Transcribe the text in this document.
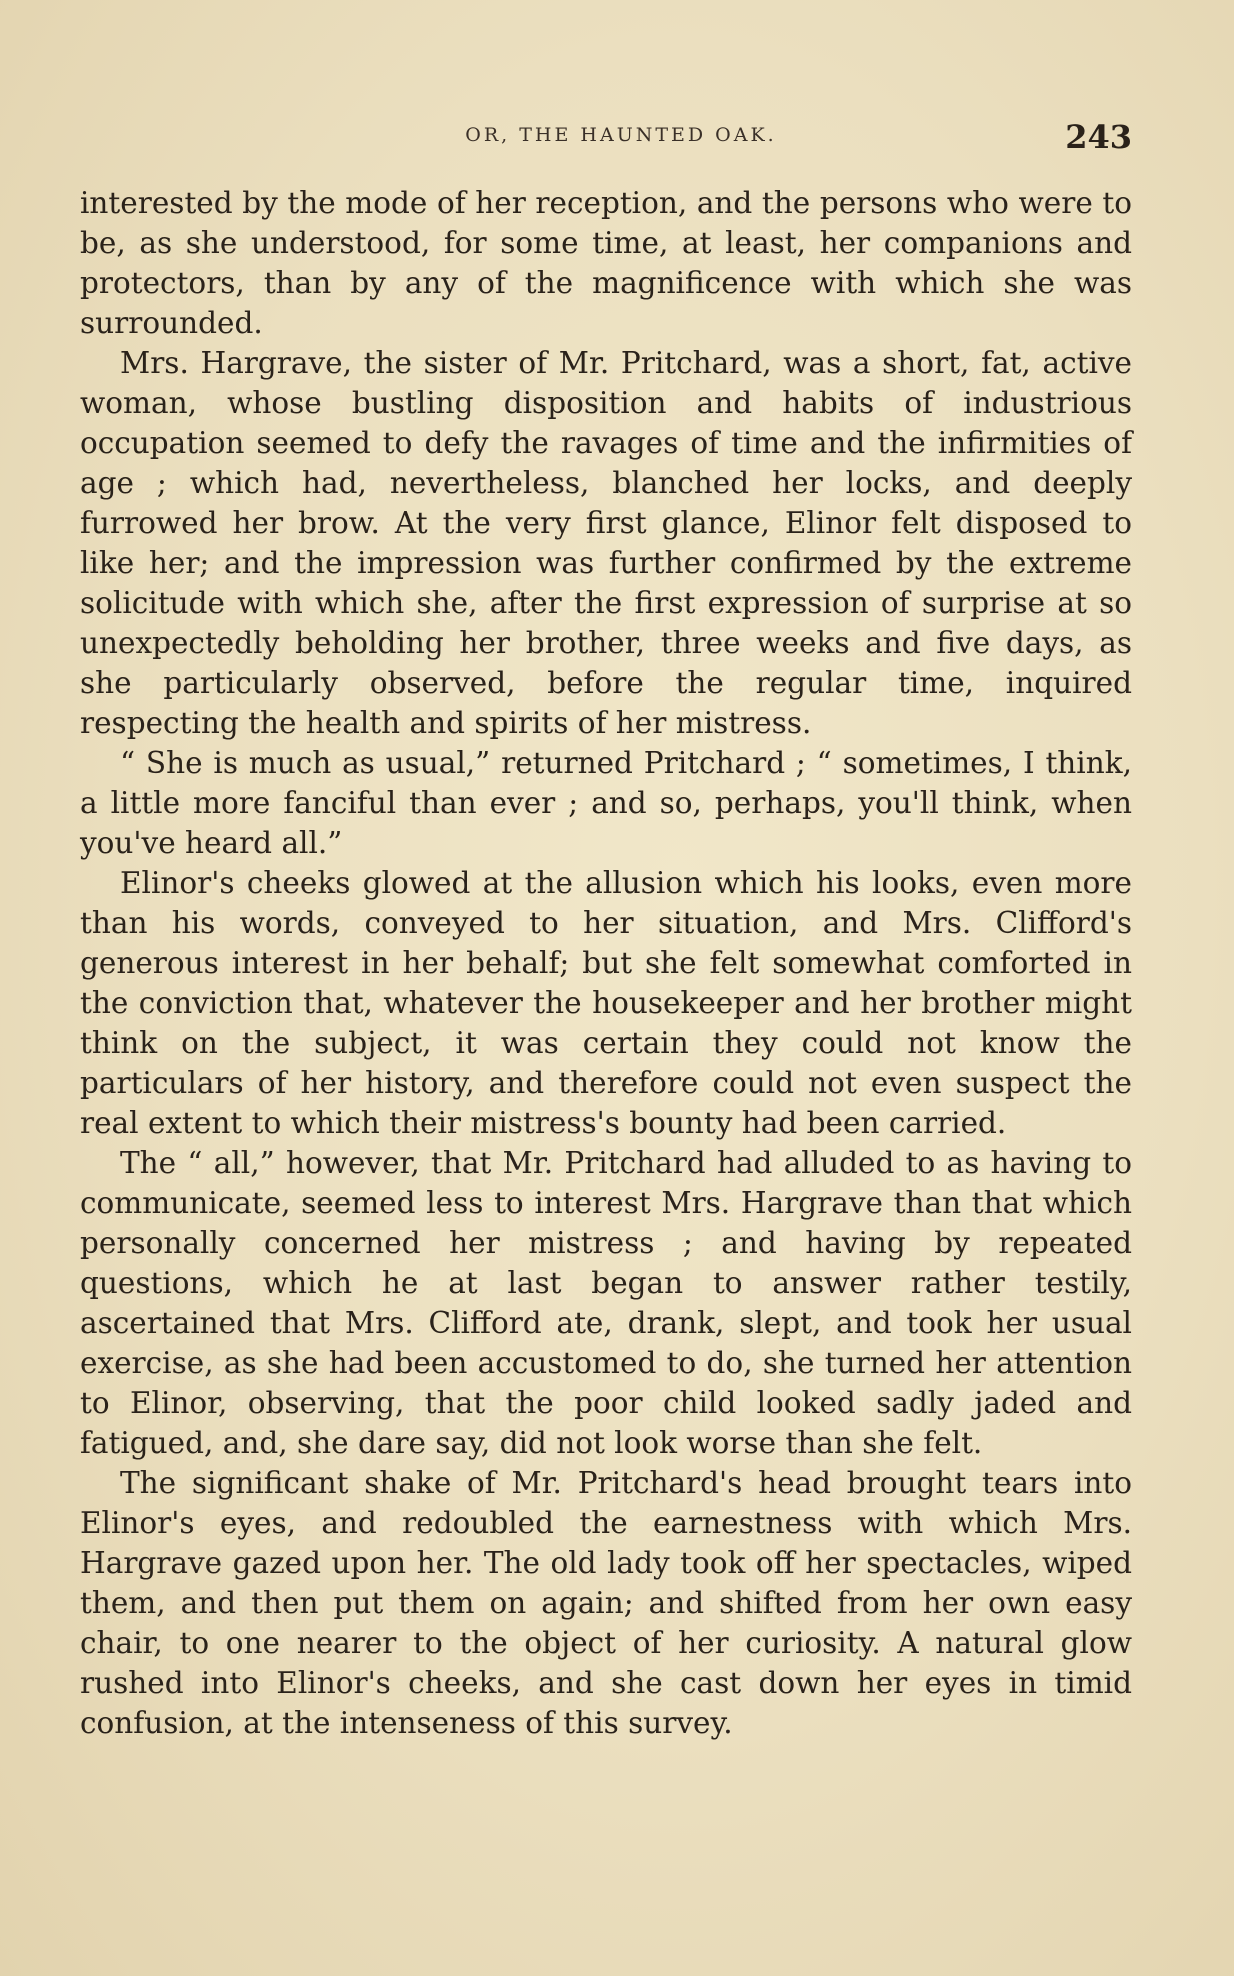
OR, THE HAUNTED OAK.	243

interested by the mode of her reception, and the persons who were to be, as she understood, for some time, at least, her companions and protectors, than by any of the magnificence with which she was surrounded.

Mrs. Hargrave, the sister of Mr. Pritchard, was a short, fat, active woman, whose bustling disposition and habits of industrious occupation seemed to defy the ravages of time and the infirmities of age ; which had, nevertheless, blanched her locks, and deeply furrowed her brow. At the very first glance, Elinor felt disposed to like her; and the impression was further confirmed by the extreme solicitude with which she, after the first expression of surprise at so unexpectedly beholding her brother, three weeks and five days, as she particularly observed, before the regular time, inquired respecting the health and spirits of her mistress.

“ She is much as usual,” returned Pritchard ; “ sometimes, I think, a little more fanciful than ever ; and so, perhaps, you'll think, when you've heard all.”

Elinor's cheeks glowed at the allusion which his looks, even more than his words, conveyed to her situation, and Mrs. Clifford's generous interest in her behalf; but she felt somewhat comforted in the conviction that, whatever the housekeeper and her brother might think on the subject, it was certain they could not know the particulars of her history, and therefore could not even suspect the real extent to which their mistress's bounty had been carried.

The “ all,” however, that Mr. Pritchard had alluded to as having to communicate, seemed less to interest Mrs. Hargrave than that which personally concerned her mistress ; and having by repeated questions, which he at last began to answer rather testily, ascertained that Mrs. Clifford ate, drank, slept, and took her usual exercise, as she had been accustomed to do, she turned her attention to Elinor, observing, that the poor child looked sadly jaded and fatigued, and, she dare say, did not look worse than she felt.

The significant shake of Mr. Pritchard's head brought tears into Elinor's eyes, and redoubled the earnestness with which Mrs. Hargrave gazed upon her. The old lady took off her spectacles, wiped them, and then put them on again; and shifted from her own easy chair, to one nearer to the object of her curiosity. A natural glow rushed into Elinor's cheeks, and she cast down her eyes in timid confusion, at the intenseness of this survey.
